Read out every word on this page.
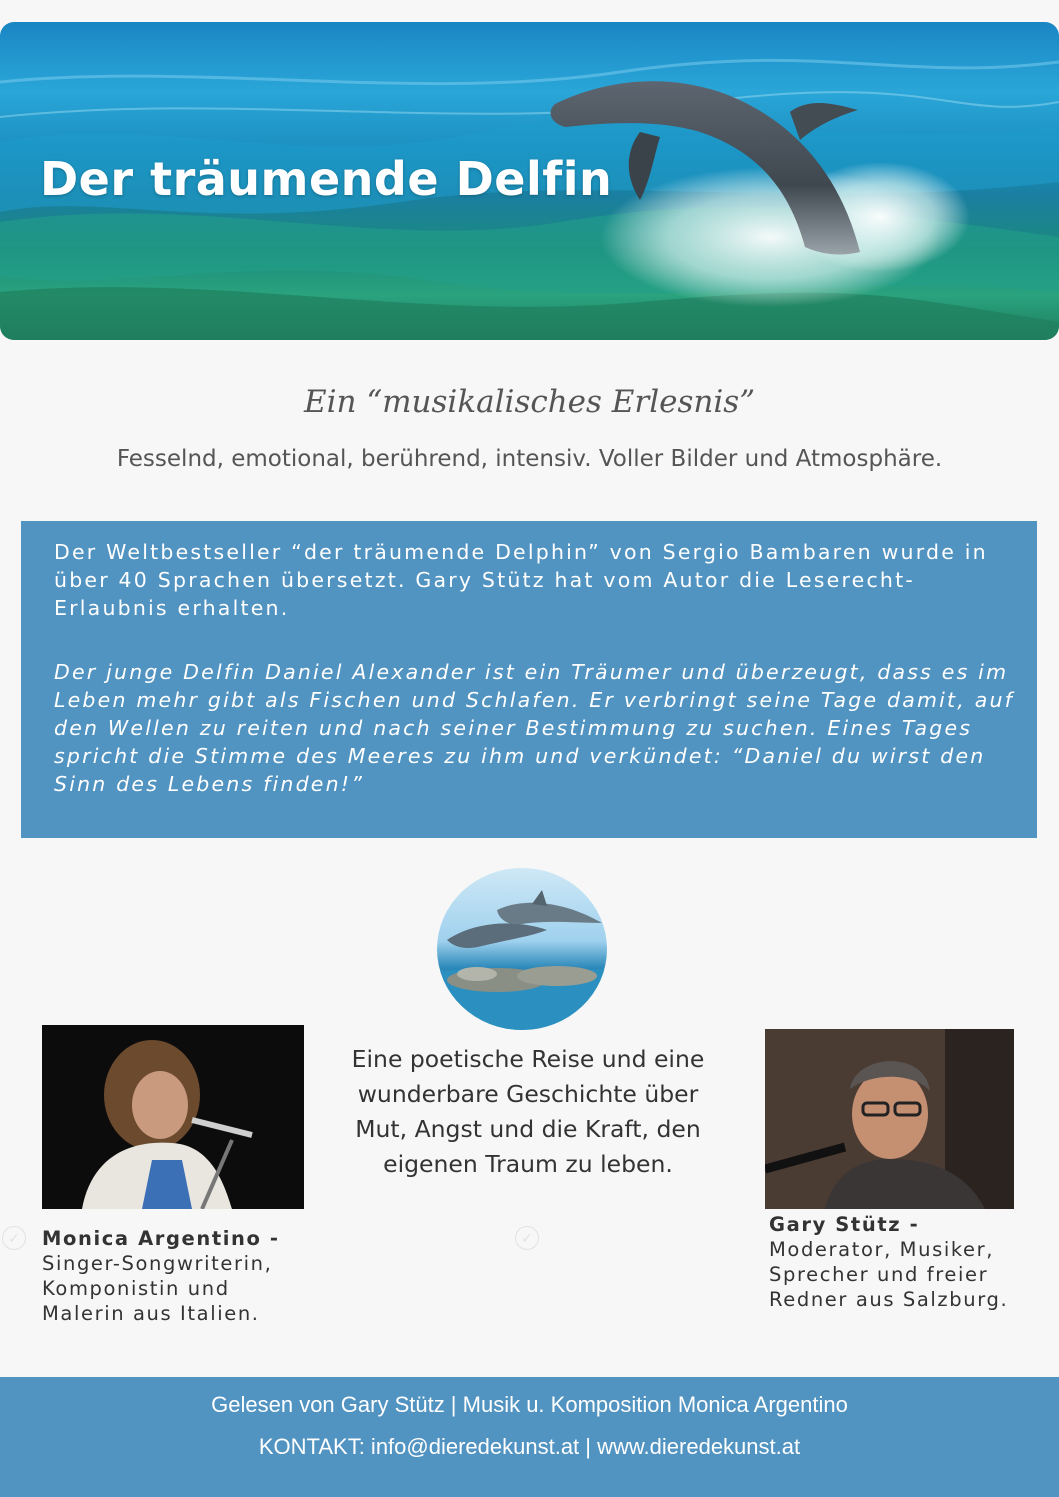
Der träumende Delfin
Ein “musikalisches Erlesnis”
Fesselnd, emotional, berührend, intensiv. Voller Bilder und Atmosphäre.

Der Weltbestseller “der träumende Delphin” von Sergio Bambaren wurde in über 40 Sprachen übersetzt. Gary Stütz hat vom Autor die Leserecht-Erlaubnis erhalten.

Der junge Delfin Daniel Alexander ist ein Träumer und überzeugt, dass es im Leben mehr gibt als Fischen und Schlafen. Er verbringt seine Tage damit, auf den Wellen zu reiten und nach seiner Bestimmung zu suchen. Eines Tages spricht die Stimme des Meeres zu ihm und verkündet: “Daniel du wirst den Sinn des Lebens finden!”

✓	✓
Monica Argentino -
Singer-Songwriterin, Komponistin und Malerin aus Italien.
Eine poetische Reise und eine wunderbare Geschichte über Mut, Angst und die Kraft, den eigenen Traum zu leben.
Gary Stütz -
Moderator, Musiker, Sprecher und freier Redner aus Salzburg.
Gelesen von Gary Stütz | Musik u. Komposition Monica Argentino
KONTAKT: info@dieredekunst.at | www.dieredekunst.at
